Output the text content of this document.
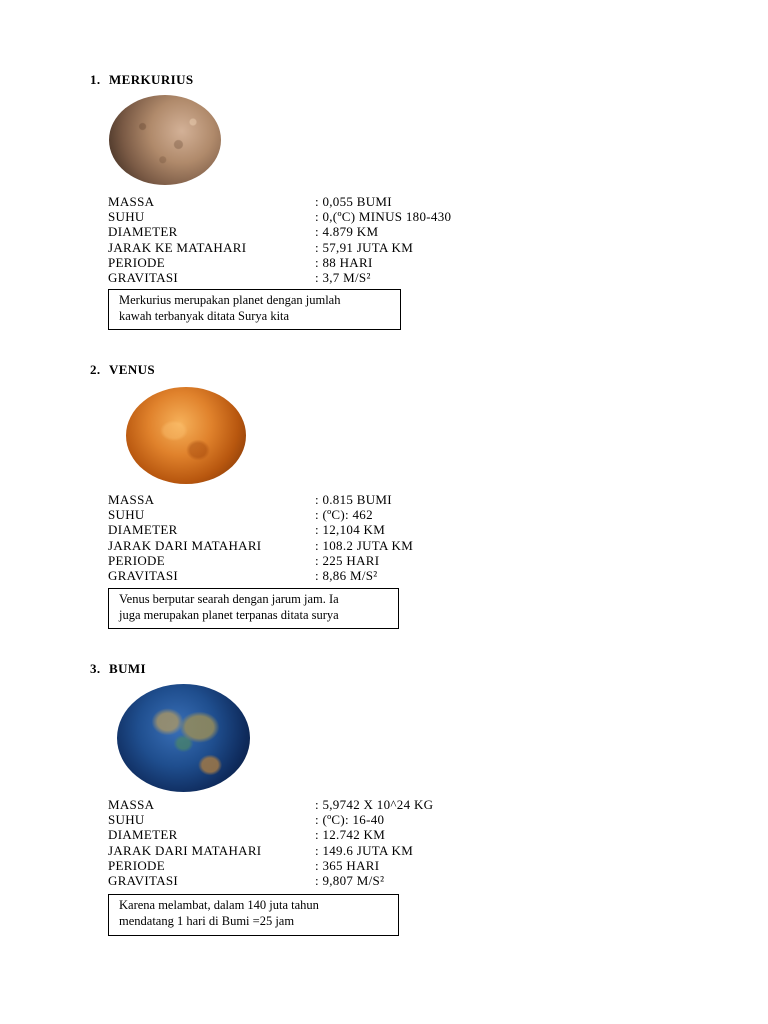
1. MERKURIUS
MASSA	: 0,055 BUMI
SUHU	: 0,(ºC) MINUS 180-430
DIAMETER	: 4.879 KM
JARAK KE MATAHARI	: 57,91 JUTA KM
PERIODE	: 88 HARI
GRAVITASI	: 3,7 M/S²
Merkurius merupakan planet dengan jumlah
kawah terbanyak ditata Surya kita
2. VENUS
MASSA	: 0.815 BUMI
SUHU	: (ºC): 462
DIAMETER	: 12,104 KM
JARAK DARI MATAHARI	: 108.2 JUTA KM
PERIODE	: 225 HARI
GRAVITASI	: 8,86 M/S²
Venus berputar searah dengan jarum jam. Ia
juga merupakan planet terpanas ditata surya
3. BUMI
MASSA	: 5,9742 X 10^24 KG
SUHU	: (ºC): 16-40
DIAMETER	: 12.742 KM
JARAK DARI MATAHARI	: 149.6 JUTA KM
PERIODE	: 365 HARI
GRAVITASI	: 9,807 M/S²
Karena melambat, dalam 140 juta tahun
mendatang 1 hari di Bumi =25 jam
